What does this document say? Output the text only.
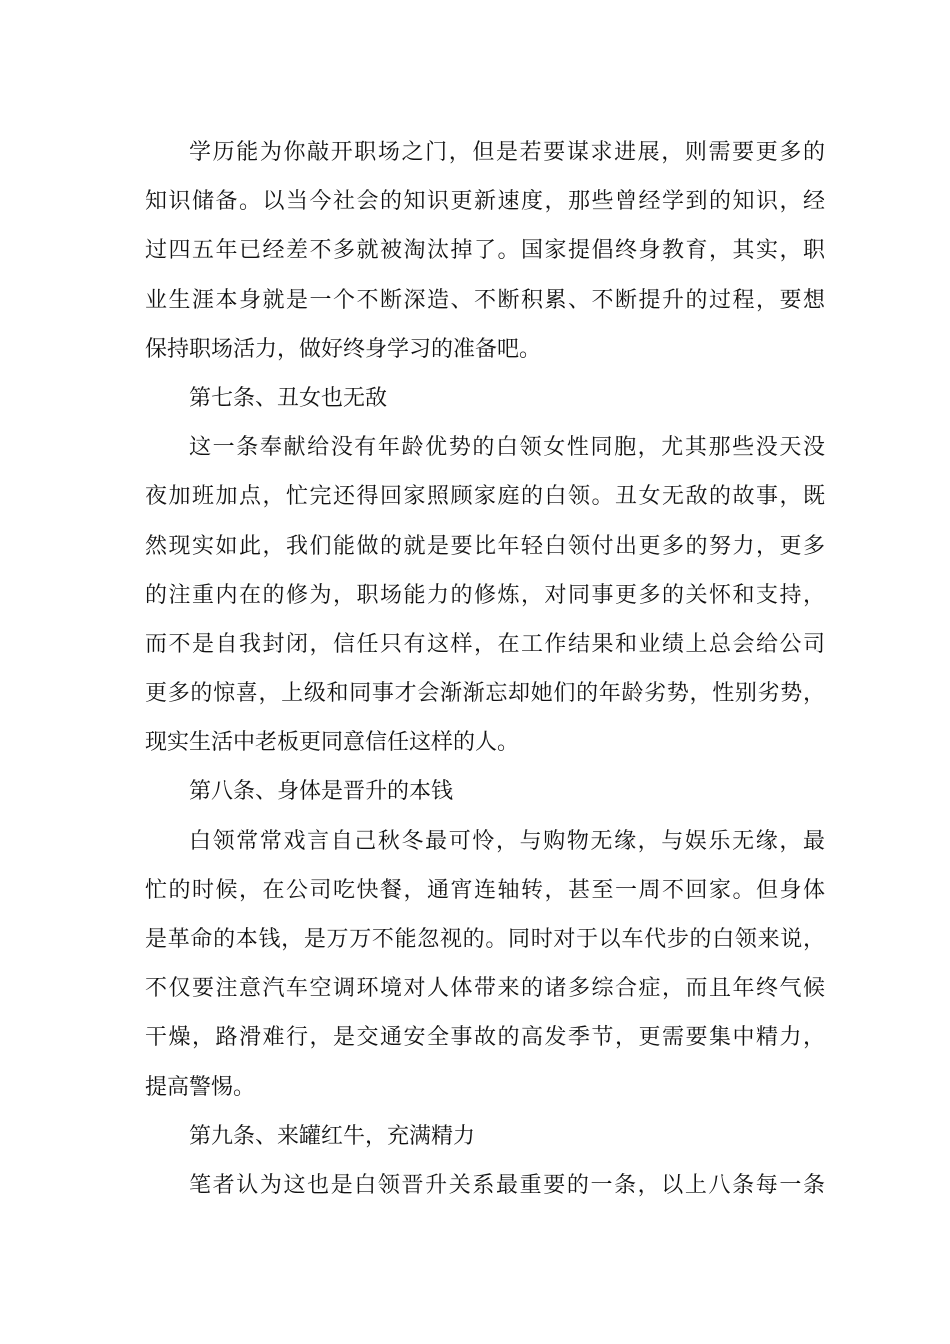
学历能为你敲开职场之门，但是若要谋求进展，则需要更多的
知识储备。以当今社会的知识更新速度，那些曾经学到的知识，经
过四五年已经差不多就被淘汰掉了。国家提倡终身教育，其实，职
业生涯本身就是一个不断深造、不断积累、不断提升的过程，要想
保持职场活力，做好终身学习的准备吧。
第七条、丑女也无敌
这一条奉献给没有年龄优势的白领女性同胞，尤其那些没天没
夜加班加点，忙完还得回家照顾家庭的白领。丑女无敌的故事，既
然现实如此，我们能做的就是要比年轻白领付出更多的努力，更多
的注重内在的修为，职场能力的修炼，对同事更多的关怀和支持，
而不是自我封闭，信任只有这样，在工作结果和业绩上总会给公司
更多的惊喜，上级和同事才会渐渐忘却她们的年龄劣势，性别劣势，
现实生活中老板更同意信任这样的人。
第八条、身体是晋升的本钱
白领常常戏言自己秋冬最可怜，与购物无缘，与娱乐无缘，最
忙的时候，在公司吃快餐，通宵连轴转，甚至一周不回家。但身体
是革命的本钱，是万万不能忽视的。同时对于以车代步的白领来说，
不仅要注意汽车空调环境对人体带来的诸多综合症，而且年终气候
干燥，路滑难行，是交通安全事故的高发季节，更需要集中精力，
提高警惕。
第九条、来罐红牛，充满精力
笔者认为这也是白领晋升关系最重要的一条，以上八条每一条
